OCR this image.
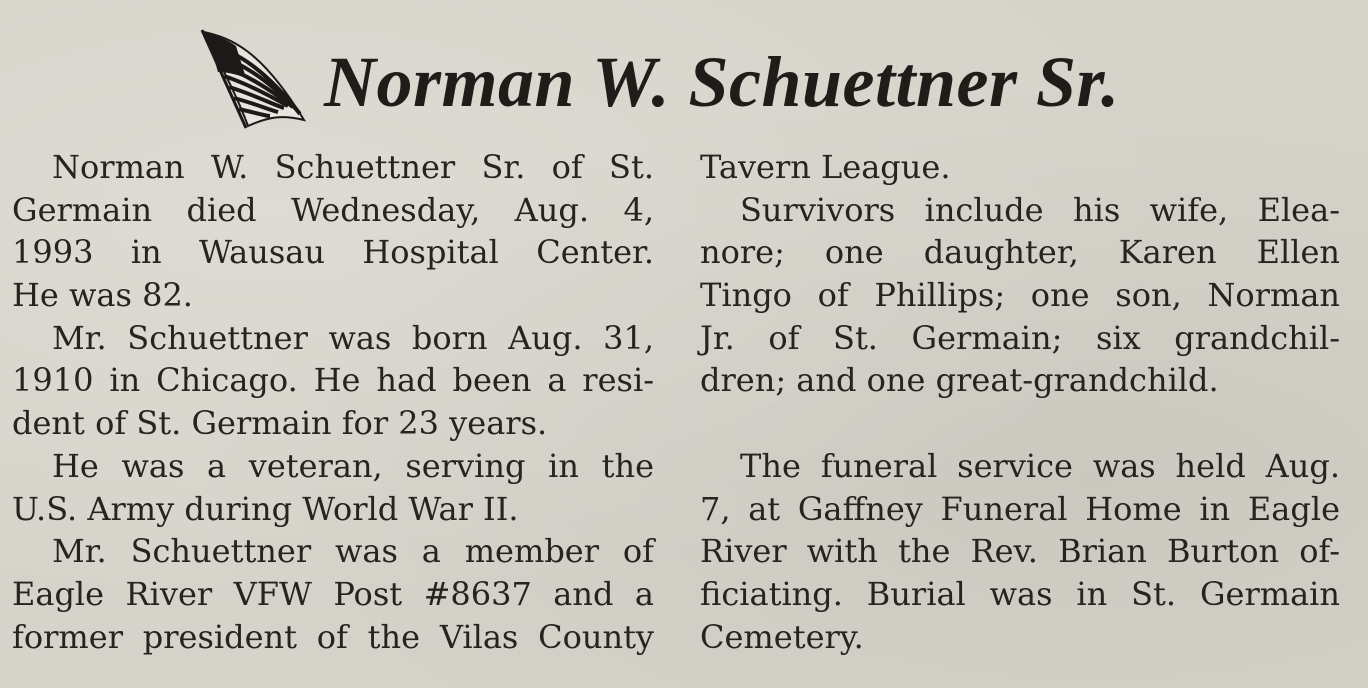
Norman W. Schuettner Sr.
Norman W. Schuettner Sr. of St.
Germain died Wednesday, Aug. 4,
1993 in Wausau Hospital Center.
He was 82.
Mr. Schuettner was born Aug. 31,
1910 in Chicago. He had been a resi-
dent of St. Germain for 23 years.
He was a veteran, serving in the
U.S. Army during World War II.
Mr. Schuettner was a member of
Eagle River VFW Post #8637 and a
former president of the Vilas County
Tavern League.
Survivors include his wife, Elea-
nore; one daughter, Karen Ellen
Tingo of Phillips; one son, Norman
Jr. of St. Germain; six grandchil-
dren; and one great-grandchild.
The funeral service was held Aug.
7, at Gaffney Funeral Home in Eagle
River with the Rev. Brian Burton of-
ficiating. Burial was in St. Germain
Cemetery.
